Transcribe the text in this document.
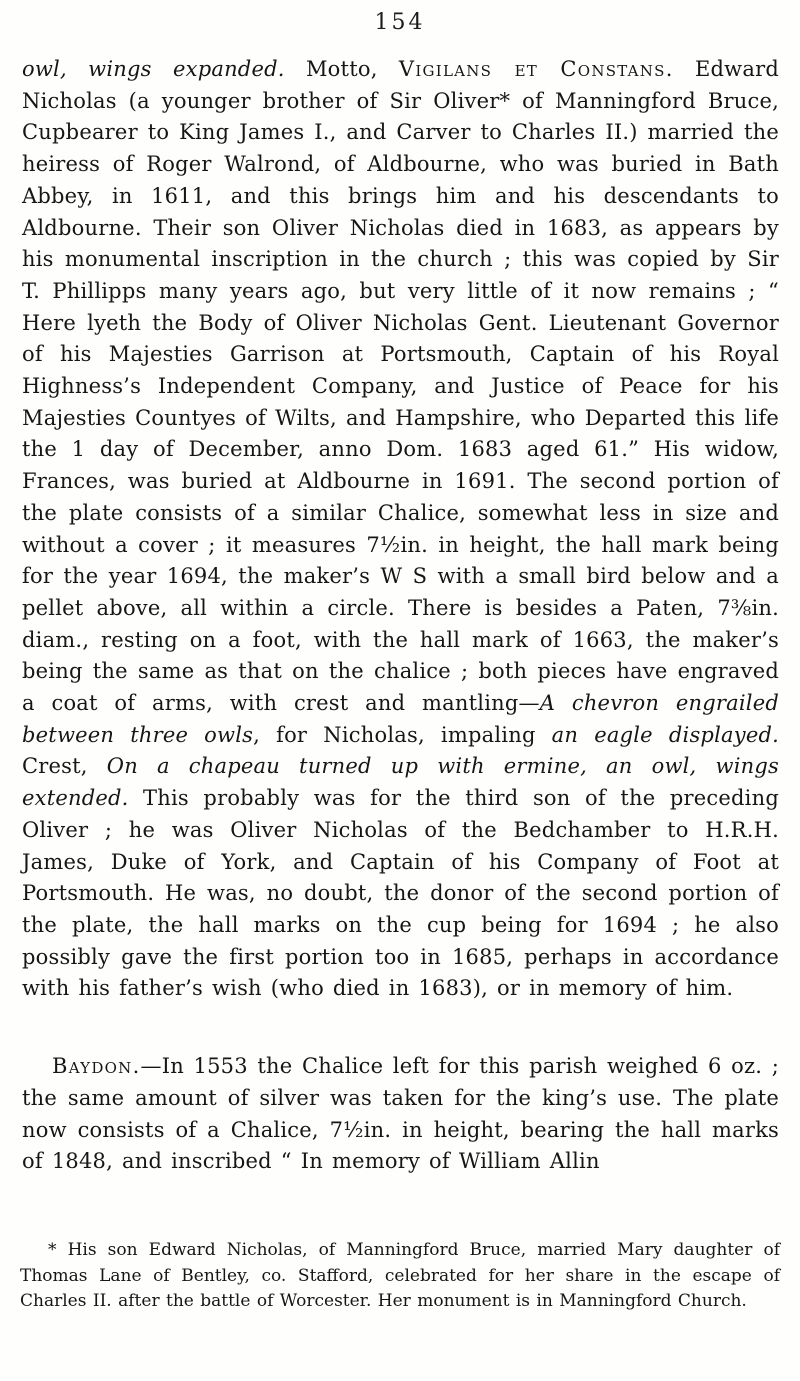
154

owl, wings expanded. Motto, Vigilans et Constans. Edward Nicholas (a younger brother of Sir Oliver* of Manningford Bruce, Cupbearer to King James I., and Carver to Charles II.) married the heiress of Roger Walrond, of Aldbourne, who was buried in Bath Abbey, in 1611, and this brings him and his descendants to Aldbourne. Their son Oliver Nicholas died in 1683, as appears by his monumental inscription in the church ; this was copied by Sir T. Phillipps many years ago, but very little of it now remains ; “ Here lyeth the Body of Oliver Nicholas Gent. Lieutenant Governor of his Majesties Garrison at Portsmouth, Captain of his Royal Highness’s Independent Company, and Justice of Peace for his Majesties Countyes of Wilts, and Hampshire, who Departed this life the 1 day of December, anno Dom. 1683 aged 61.” His widow, Frances, was buried at Aldbourne in 1691. The second portion of the plate consists of a similar Chalice, somewhat less in size and without a cover ; it measures 7½in. in height, the hall mark being for the year 1694, the maker’s W S with a small bird below and a pellet above, all within a circle. There is besides a Paten, 7⅜in. diam., resting on a foot, with the hall mark of 1663, the maker’s being the same as that on the chalice ; both pieces have engraved a coat of arms, with crest and mantling—A chevron engrailed between three owls, for Nicholas, impaling an eagle displayed. Crest, On a chapeau turned up with ermine, an owl, wings extended. This probably was for the third son of the preceding Oliver ; he was Oliver Nicholas of the Bedchamber to H.R.H. James, Duke of York, and Captain of his Company of Foot at Portsmouth. He was, no doubt, the donor of the second portion of the plate, the hall marks on the cup being for 1694 ; he also possibly gave the first portion too in 1685, perhaps in accordance with his father’s wish (who died in 1683), or in memory of him.

Baydon.—In 1553 the Chalice left for this parish weighed 6 oz. ; the same amount of silver was taken for the king’s use. The plate now consists of a Chalice, 7½in. in height, bearing the hall marks of 1848, and inscribed “ In memory of William Allin

* His son Edward Nicholas, of Manningford Bruce, married Mary daughter of Thomas Lane of Bentley, co. Stafford, celebrated for her share in the escape of Charles II. after the battle of Worcester. Her monument is in Manningford Church.
